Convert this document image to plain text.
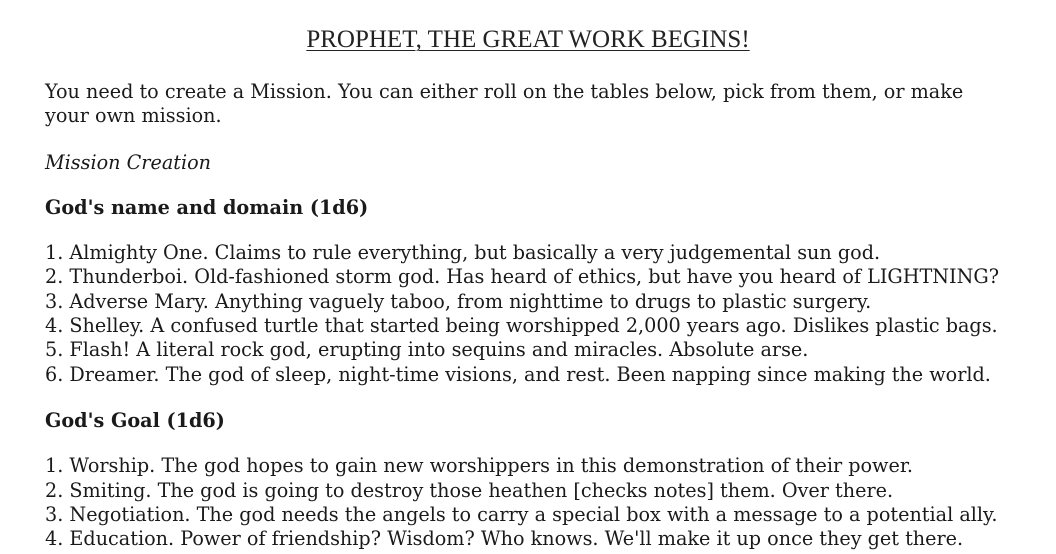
PROPHET, THE GREAT WORK BEGINS!

You need to create a Mission. You can either roll on the tables below, pick from them, or make your own mission.

Mission Creation

God's name and domain (1d6)

1. Almighty One. Claims to rule everything, but basically a very judgemental sun god.
2. Thunderboi. Old-fashioned storm god. Has heard of ethics, but have you heard of LIGHTNING?
3. Adverse Mary. Anything vaguely taboo, from nighttime to drugs to plastic surgery.
4. Shelley. A confused turtle that started being worshipped 2,000 years ago. Dislikes plastic bags.
5. Flash! A literal rock god, erupting into sequins and miracles. Absolute arse.
6. Dreamer. The god of sleep, night-time visions, and rest. Been napping since making the world.

God's Goal (1d6)

1. Worship. The god hopes to gain new worshippers in this demonstration of their power.
2. Smiting. The god is going to destroy those heathen [checks notes] them. Over there.
3. Negotiation. The god needs the angels to carry a special box with a message to a potential ally.
4. Education. Power of friendship? Wisdom? Who knows. We'll make it up once they get there.
